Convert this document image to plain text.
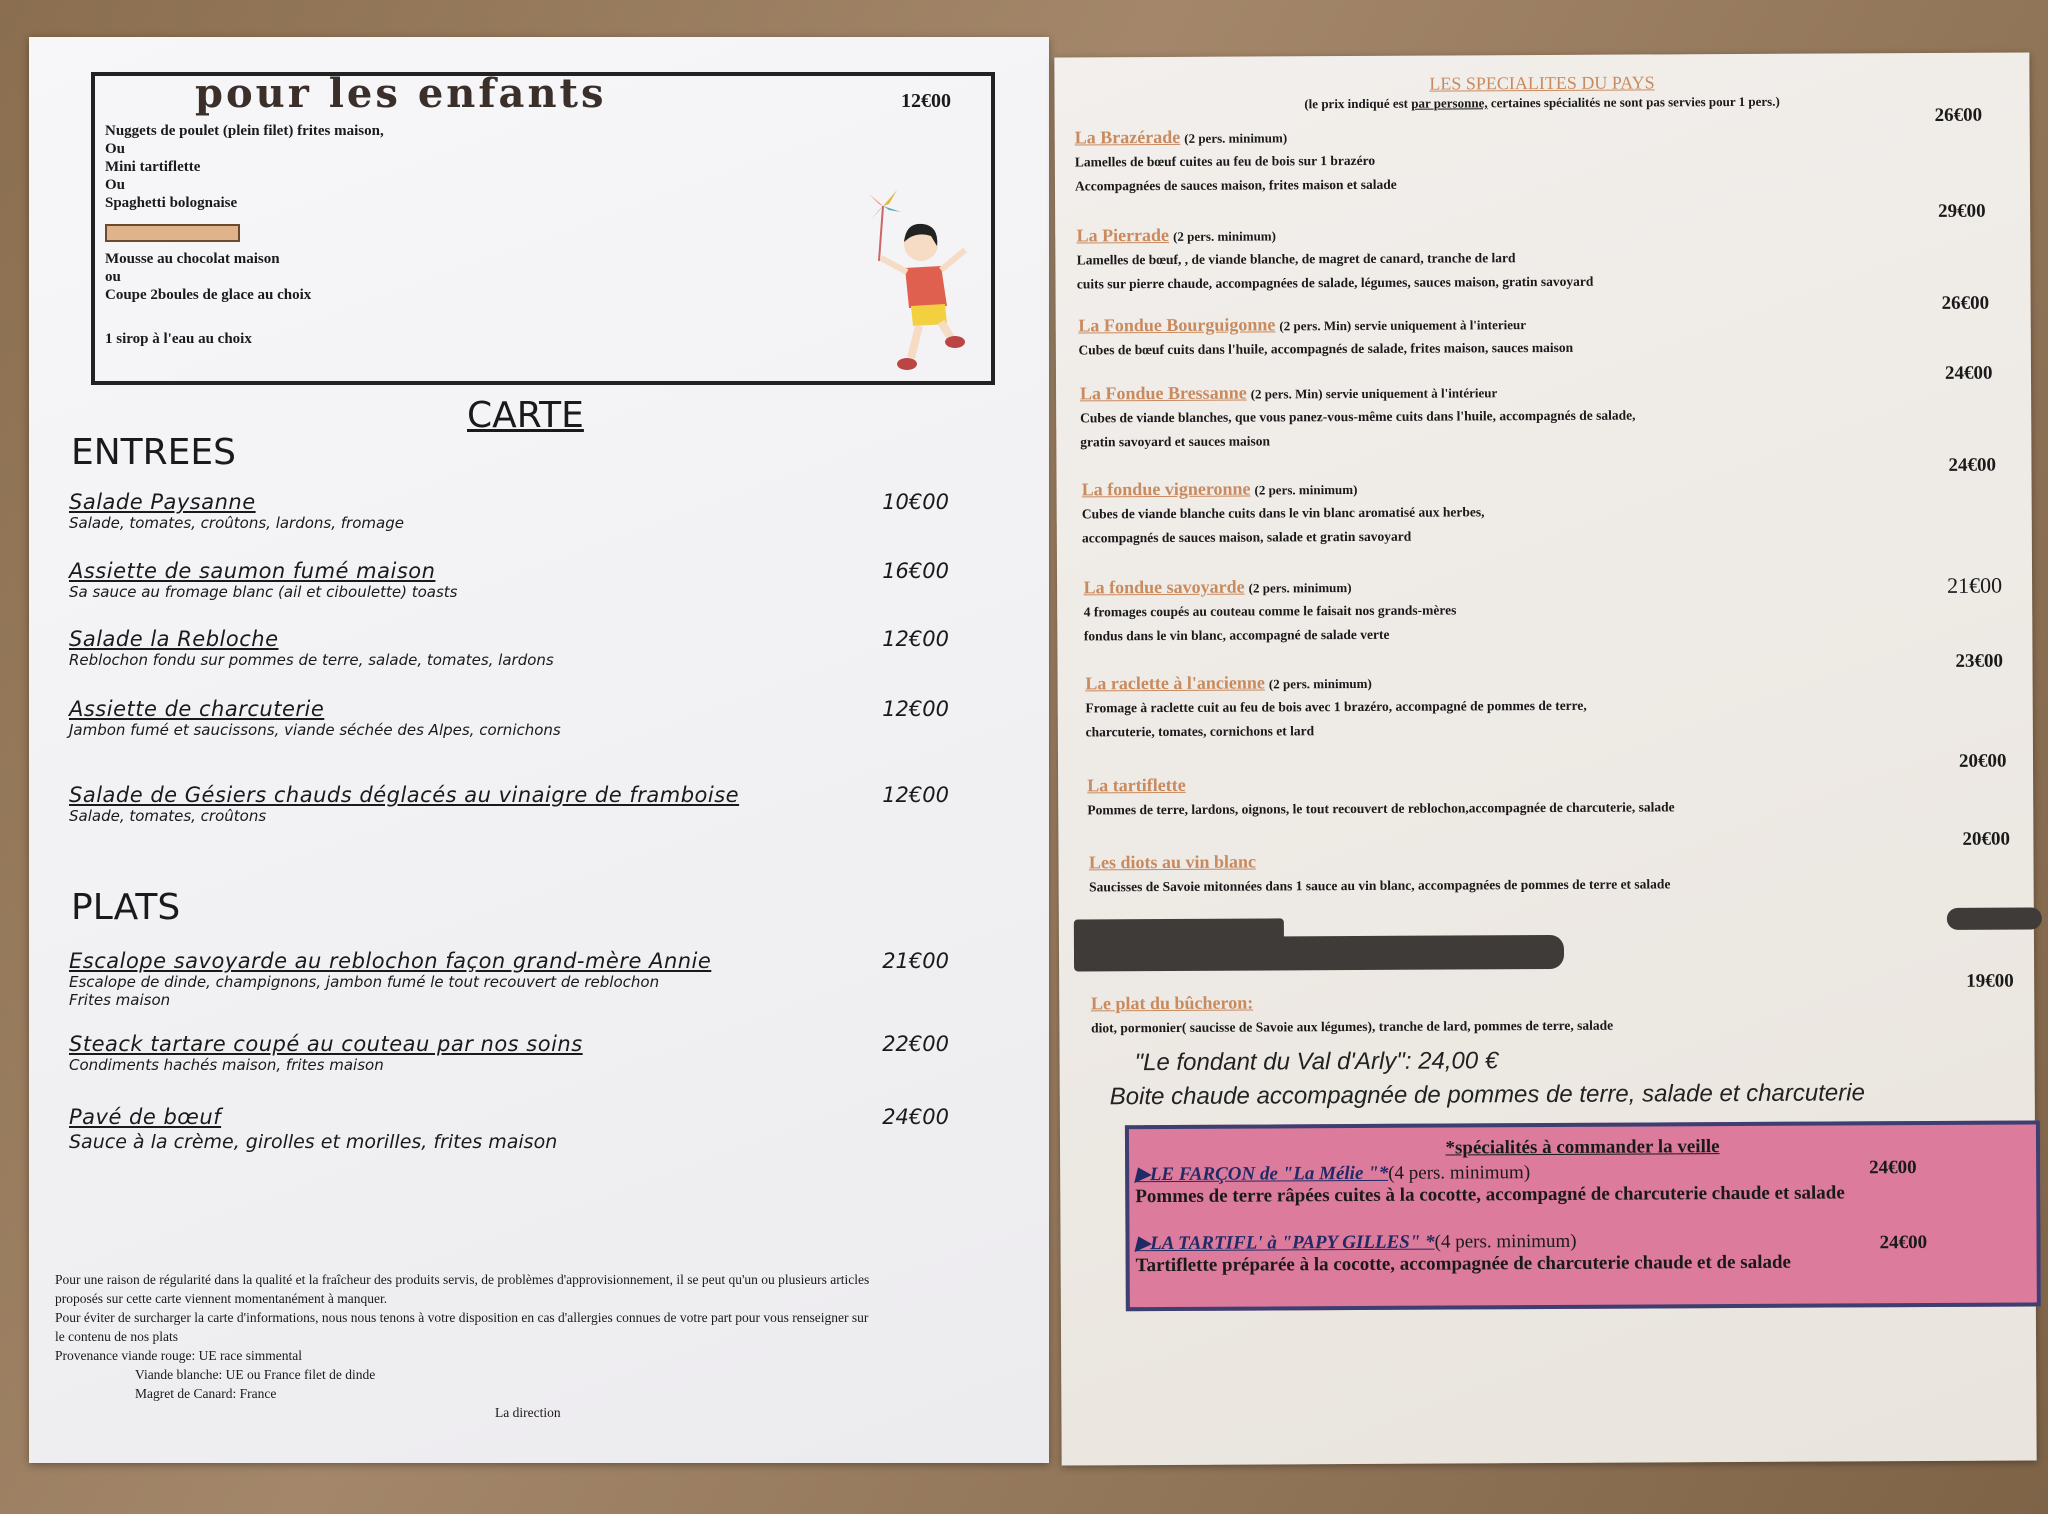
pour les enfants	12€00
Nuggets de poulet (plein filet) frites maison,
Ou
Mini tartiflette
Ou
Spaghetti bolognaise
Mousse au chocolat maison
ou
Coupe 2boules de glace au choix
1 sirop à l'eau au choix
CARTE
ENTREES
Salade Paysanne
Salade, tomates, croûtons, lardons, fromage
10€00
Assiette de saumon fumé maison
Sa sauce au fromage blanc (ail et ciboulette) toasts
16€00
Salade la Rebloche
Reblochon fondu sur pommes de terre, salade, tomates, lardons
12€00
Assiette de charcuterie
Jambon fumé et saucissons, viande séchée des Alpes, cornichons
12€00
Salade de Gésiers chauds déglacés au vinaigre de framboise
Salade, tomates, croûtons
12€00
PLATS
Escalope savoyarde au reblochon façon grand-mère Annie
Escalope de dinde, champignons, jambon fumé le tout recouvert de reblochon
Frites maison
21€00
Steack tartare coupé au couteau par nos soins
Condiments hachés maison, frites maison
22€00
Pavé de bœuf
Sauce à la crème, girolles et morilles, frites maison
24€00
Pour une raison de régularité dans la qualité et la fraîcheur des produits servis, de problèmes d'approvisionnement, il se peut qu'un ou plusieurs articles
proposés sur cette carte viennent momentanément à manquer.
Pour éviter de surcharger la carte d'informations, nous nous tenons à votre disposition en cas d'allergies connues de votre part pour vous renseigner sur
le contenu de nos plats
Provenance viande rouge: UE race simmental
Viande blanche: UE ou France filet de dinde
Magret de Canard: France
La direction
LES SPECIALITES DU PAYS
(le prix indiqué est par personne, certaines spécialités ne sont pas servies pour 1 pers.)
La Brazérade (2 pers. minimum)
Lamelles de bœuf cuites au feu de bois sur 1 brazéro
Accompagnées de sauces maison, frites maison et salade
26€00
La Pierrade (2 pers. minimum)
Lamelles de bœuf, , de viande blanche, de magret de canard, tranche de lard
cuits sur pierre chaude, accompagnées de salade, légumes, sauces maison, gratin savoyard
29€00
La Fondue Bourguigonne (2 pers. Min) servie uniquement à l'interieur
Cubes de bœuf cuits dans l'huile, accompagnés de salade, frites maison, sauces maison
26€00
La Fondue Bressanne (2 pers. Min) servie uniquement à l'intérieur
Cubes de viande blanches, que vous panez-vous-même cuits dans l'huile, accompagnés de salade,
gratin savoyard et sauces maison
24€00
La fondue vigneronne (2 pers. minimum)
Cubes de viande blanche cuits dans le vin blanc aromatisé aux herbes,
accompagnés de sauces maison, salade et gratin savoyard
24€00
La fondue savoyarde (2 pers. minimum)
4 fromages coupés au couteau comme le faisait nos grands-mères
fondus dans le vin blanc, accompagné de salade verte
21€00
La raclette à l'ancienne (2 pers. minimum)
Fromage à raclette cuit au feu de bois avec 1 brazéro, accompagné de pommes de terre,
charcuterie, tomates, cornichons et lard
23€00
La tartiflette
Pommes de terre, lardons, oignons, le tout recouvert de reblochon,accompagnée de charcuterie, salade
20€00
Les diots au vin blanc
Saucisses de Savoie mitonnées dans 1 sauce au vin blanc, accompagnées de pommes de terre et salade
20€00
Le plat du bûcheron:
diot, pormonier( saucisse de Savoie aux légumes), tranche de lard, pommes de terre, salade
19€00
"Le fondant du Val d'Arly": 24,00 €
Boite chaude accompagnée de pommes de terre, salade et charcuterie
*spécialités à commander la veille
▶LE FARÇON de "La Mélie "*(4 pers. minimum)
Pommes de terre râpées cuites à la cocotte, accompagné de charcuterie chaude et salade
24€00
▶LA TARTIFL' à "PAPY GILLES" *(4 pers. minimum)
Tartiflette préparée à la cocotte, accompagnée de charcuterie chaude et de salade
24€00
